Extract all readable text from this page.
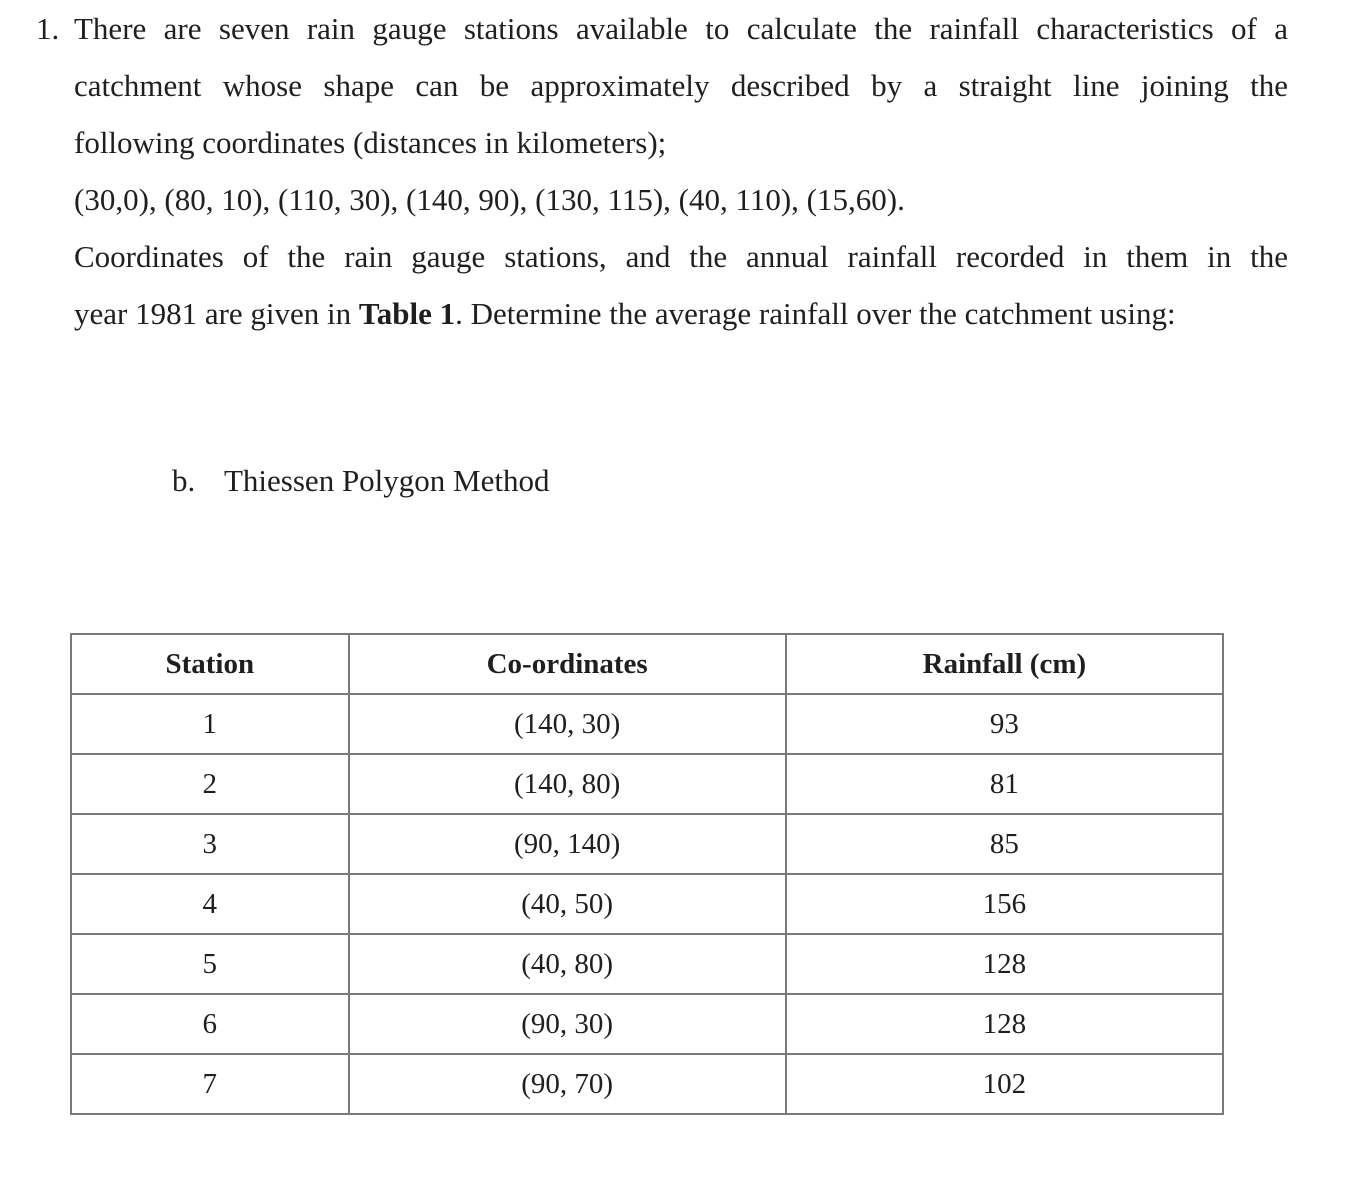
1. There are seven rain gauge stations available to calculate the rainfall characteristics of a
catchment whose shape can be approximately described by a straight line joining the
following coordinates (distances in kilometers);
(30,0), (80, 10), (110, 30), (140, 90), (130, 115), (40, 110), (15,60).
Coordinates of the rain gauge stations, and the annual rainfall recorded in them in the
year 1981 are given in Table 1. Determine the average rainfall over the catchment using:
b. Thiessen Polygon Method
Station	Co-ordinates	Rainfall (cm)
1	(140, 30)	93
2	(140, 80)	81
3	(90, 140)	85
4	(40, 50)	156
5	(40, 80)	128
6	(90, 30)	128
7	(90, 70)	102
